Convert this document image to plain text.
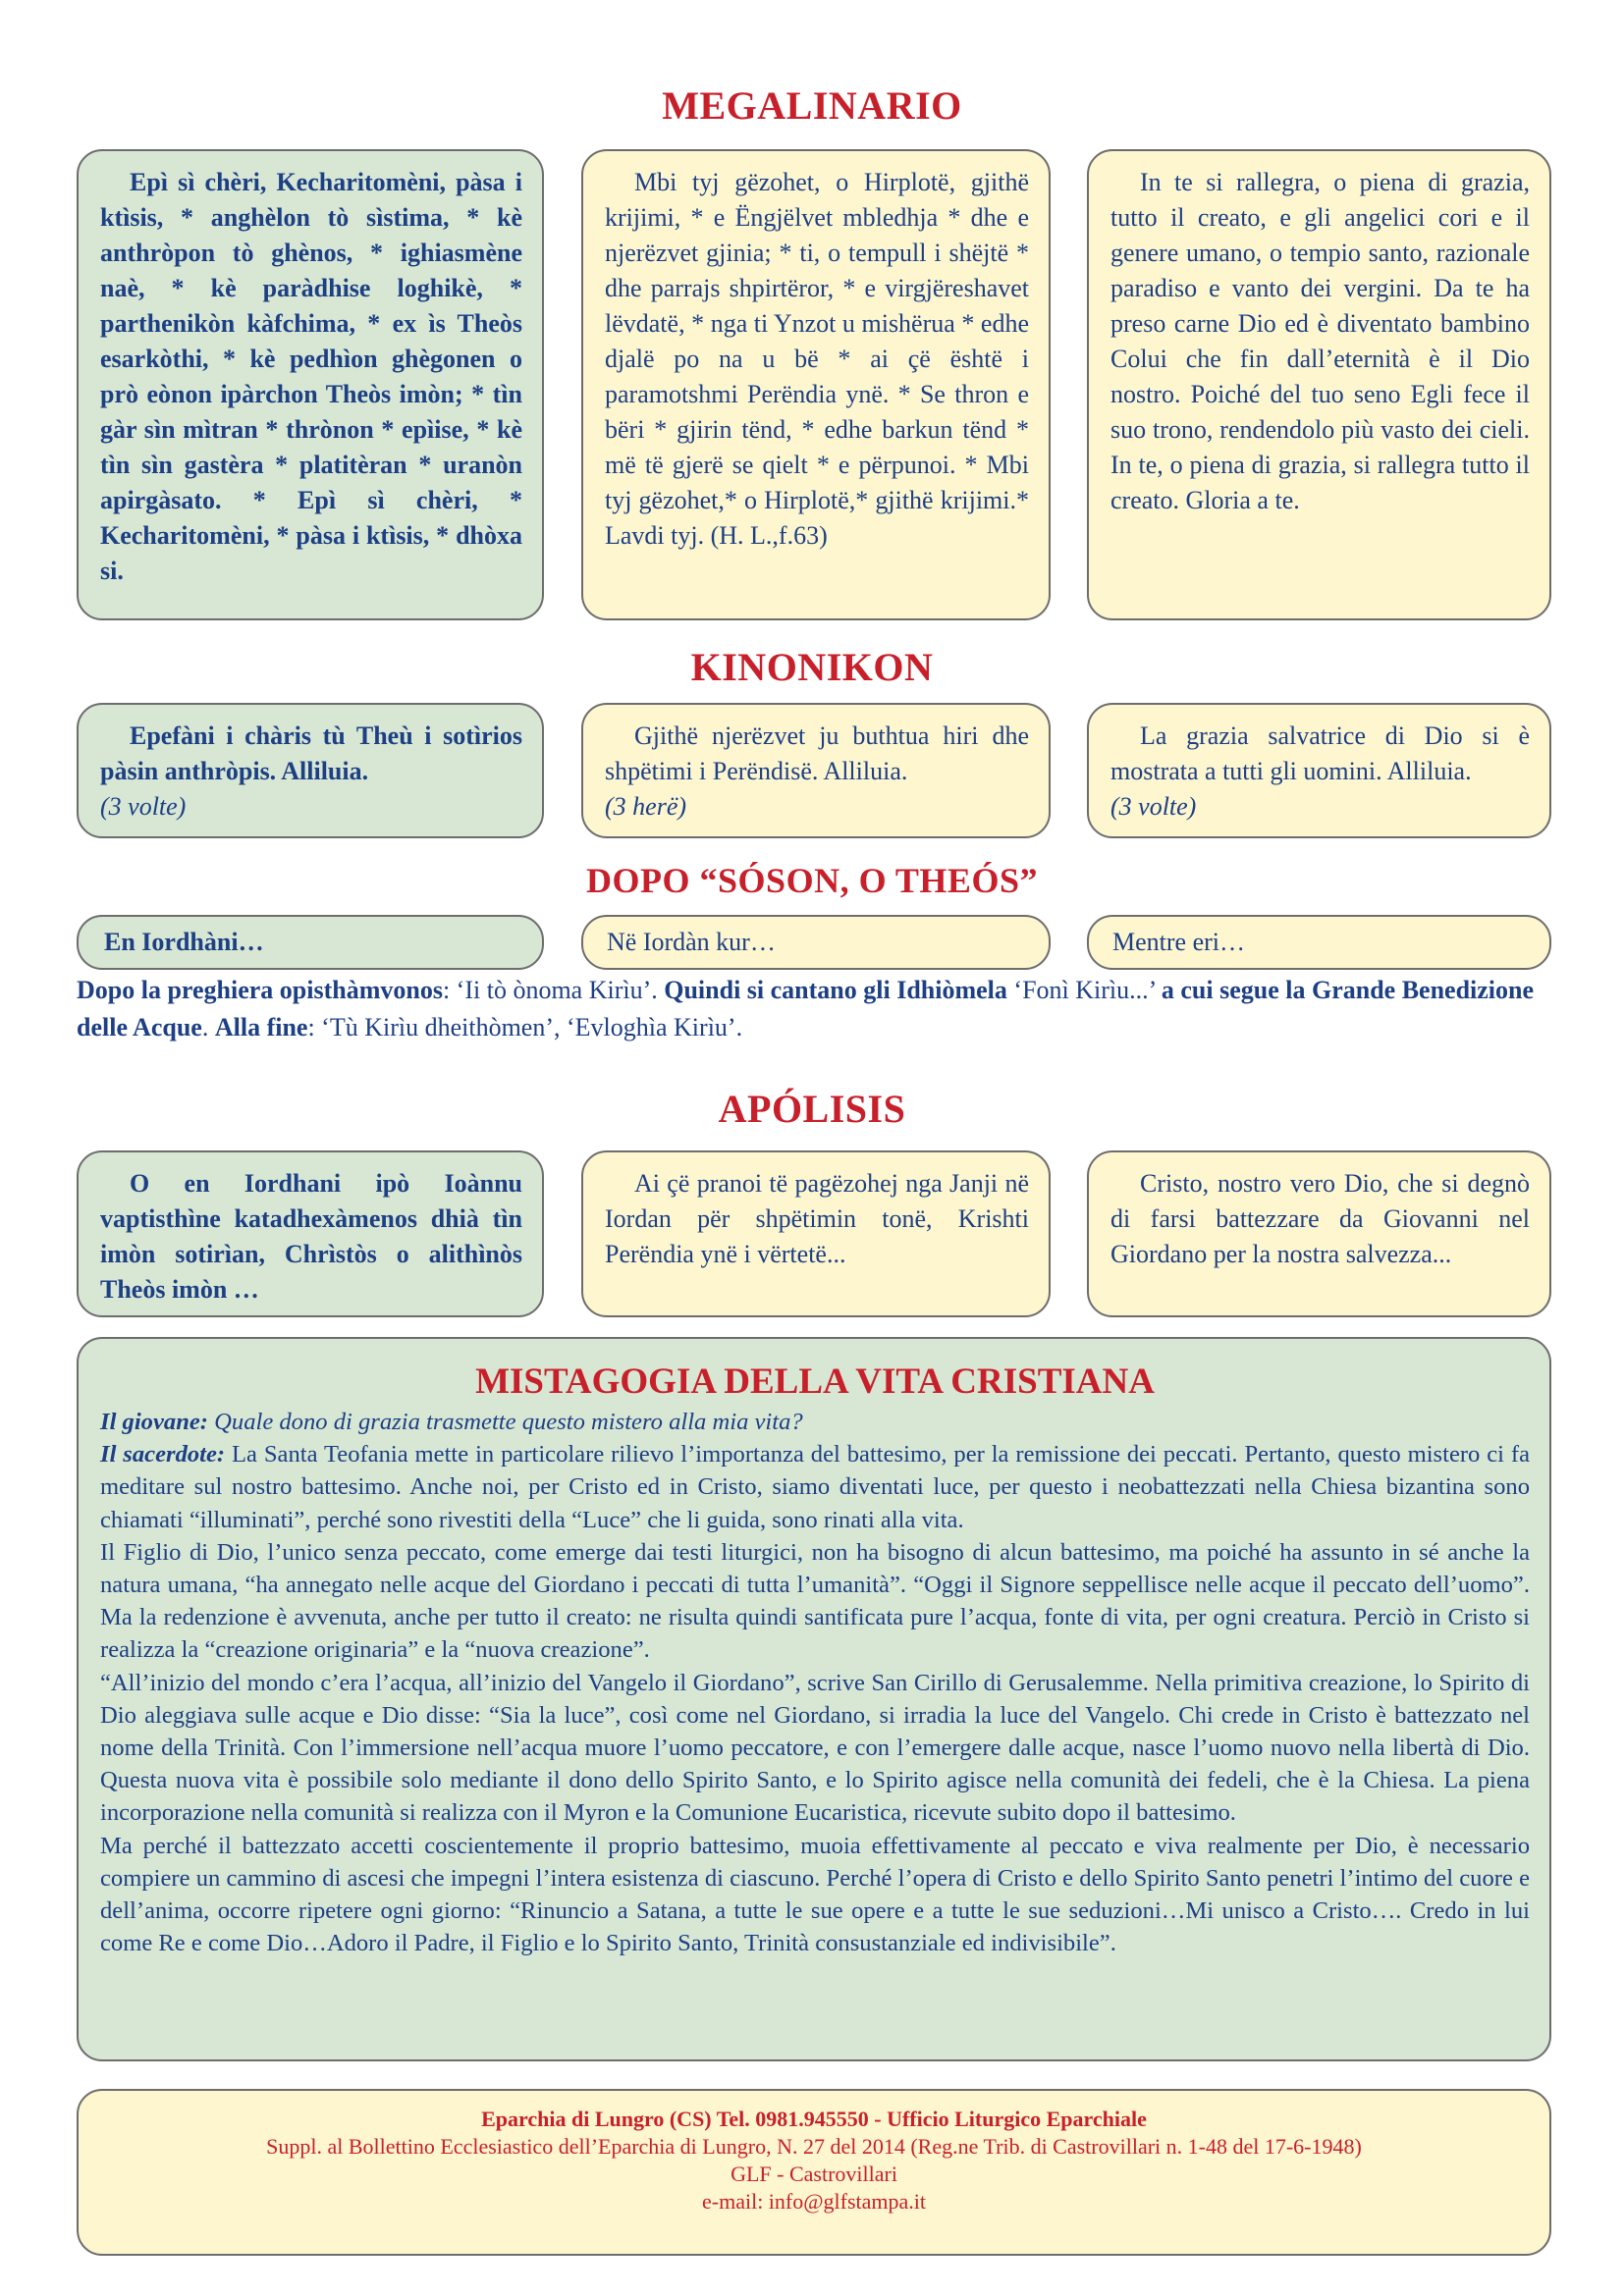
MEGALINARIO

Epì sì chèri, Kecharitomèni, pàsa i ktìsis, * anghèlon tò sìstima, * kè anthròpon tò ghènos, * ighiasmène naè, * kè paràdhise loghikè, * parthenikòn kàfchima, * ex ìs Theòs esarkòthi, * kè pedhìon ghègonen o prò eònon ipàrchon Theòs imòn; * tìn gàr sìn mìtran * thrònon * epìise, * kè tìn sìn gastèra * platitèran * uranòn apirgàsato. * Epì sì chèri, * Kecharitomèni, * pàsa i ktìsis, * dhòxa si.

Mbi tyj gëzohet, o Hirplotë, gjithë krijimi, * e Ëngjëlvet mbledhja * dhe e njerëzvet gjinia; * ti, o tempull i shëjtë * dhe parrajs shpirtëror, * e virgjëreshavet lëvdatë, * nga ti Ynzot u mishërua * edhe djalë po na u bë * ai çë është i paramotshmi Perëndia ynë. * Se thron e bëri * gjirin tënd, * edhe barkun tënd * më të gjerë se qielt * e përpunoi. * Mbi tyj gëzohet,* o Hirplotë,* gjithë krijimi.* Lavdi tyj. (H. L.,f.63)

In te si rallegra, o piena di grazia, tutto il creato, e gli angelici cori e il genere umano, o tempio santo, razionale paradiso e vanto dei vergini. Da te ha preso carne Dio ed è diventato bambino Colui che fin dall’eternità è il Dio nostro. Poiché del tuo seno Egli fece il suo trono, rendendolo più vasto dei cieli. In te, o piena di grazia, si rallegra tutto il creato. Gloria a te.

KINONIKON

Epefàni i chàris tù Theù i sotìrios pàsin anthròpis. Alliluia.

(3 volte)

Gjithë njerëzvet ju buthtua hiri dhe shpëtimi i Perëndisë. Alliluia.

(3 herë)

La grazia salvatrice di Dio si è mostrata a tutti gli uomini. Alliluia.

(3 volte)

DOPO “SÓSON, O THEÓS”

En Iordhàni…	Në Iordàn kur…	Mentre eri…

Dopo la preghiera opisthàmvonos: ‘Ii tò ònoma Kirìu’. Quindi si cantano gli Idhiòmela ‘Fonì Kirìu...’ a cui segue la Grande Benedizione delle Acque. Alla fine: ‘Tù Kirìu dheithòmen’, ‘Evloghìa Kirìu’.

APÓLISIS

O en Iordhani ipò Ioànnu vaptisthìne katadhexàmenos dhià tìn imòn sotirìan, Chrìstòs o alithìnòs Theòs imòn …

Ai çë pranoi të pagëzohej nga Janji në Iordan për shpëtimin tonë, Krishti Perëndia ynë i vërtetë...

Cristo, nostro vero Dio, che si degnò di farsi battezzare da Giovanni nel Giordano per la nostra salvezza...

MISTAGOGIA DELLA VITA CRISTIANA

Il giovane: Quale dono di grazia trasmette questo mistero alla mia vita?

Il sacerdote: La Santa Teofania mette in particolare rilievo l’importanza del battesimo, per la remissione dei peccati. Pertanto, questo mistero ci fa meditare sul nostro battesimo. Anche noi, per Cristo ed in Cristo, siamo diventati luce, per questo i neobattezzati nella Chiesa bizantina sono chiamati “illuminati”, perché sono rivestiti della “Luce” che li guida, sono rinati alla vita.

Il Figlio di Dio, l’unico senza peccato, come emerge dai testi liturgici, non ha bisogno di alcun battesimo, ma poiché ha assunto in sé anche la natura umana, “ha annegato nelle acque del Giordano i peccati di tutta l’umanità”. “Oggi il Signore seppellisce nelle acque il peccato dell’uomo”. Ma la redenzione è avvenuta, anche per tutto il creato: ne risulta quindi santificata pure l’acqua, fonte di vita, per ogni creatura. Perciò in Cristo si realizza la “creazione originaria” e la “nuova creazione”.

“All’inizio del mondo c’era l’acqua, all’inizio del Vangelo il Giordano”, scrive San Cirillo di Gerusalemme. Nella primitiva creazione, lo Spirito di Dio aleggiava sulle acque e Dio disse: “Sia la luce”, così come nel Giordano, si irradia la luce del Vangelo. Chi crede in Cristo è battezzato nel nome della Trinità. Con l’immersione nell’acqua muore l’uomo peccatore, e con l’emergere dalle acque, nasce l’uomo nuovo nella libertà di Dio. Questa nuova vita è possibile solo mediante il dono dello Spirito Santo, e lo Spirito agisce nella comunità dei fedeli, che è la Chiesa. La piena incorporazione nella comunità si realizza con il Myron e la Comunione Eucaristica, ricevute subito dopo il battesimo.

Ma perché il battezzato accetti coscientemente il proprio battesimo, muoia effettivamente al peccato e viva realmente per Dio, è necessario compiere un cammino di ascesi che impegni l’intera esistenza di ciascuno. Perché l’opera di Cristo e dello Spirito Santo penetri l’intimo del cuore e dell’anima, occorre ripetere ogni giorno: “Rinuncio a Satana, a tutte le sue opere e a tutte le sue seduzioni…Mi unisco a Cristo…. Credo in lui come Re e come Dio…Adoro il Padre, il Figlio e lo Spirito Santo, Trinità consustanziale ed indivisibile”.

Eparchia di Lungro (CS) Tel. 0981.945550 - Ufficio Liturgico Eparchiale

Suppl. al Bollettino Ecclesiastico dell’Eparchia di Lungro, N. 27 del 2014 (Reg.ne Trib. di Castrovillari n. 1-48 del 17-6-1948)

GLF - Castrovillari

e-mail: info@glfstampa.it
